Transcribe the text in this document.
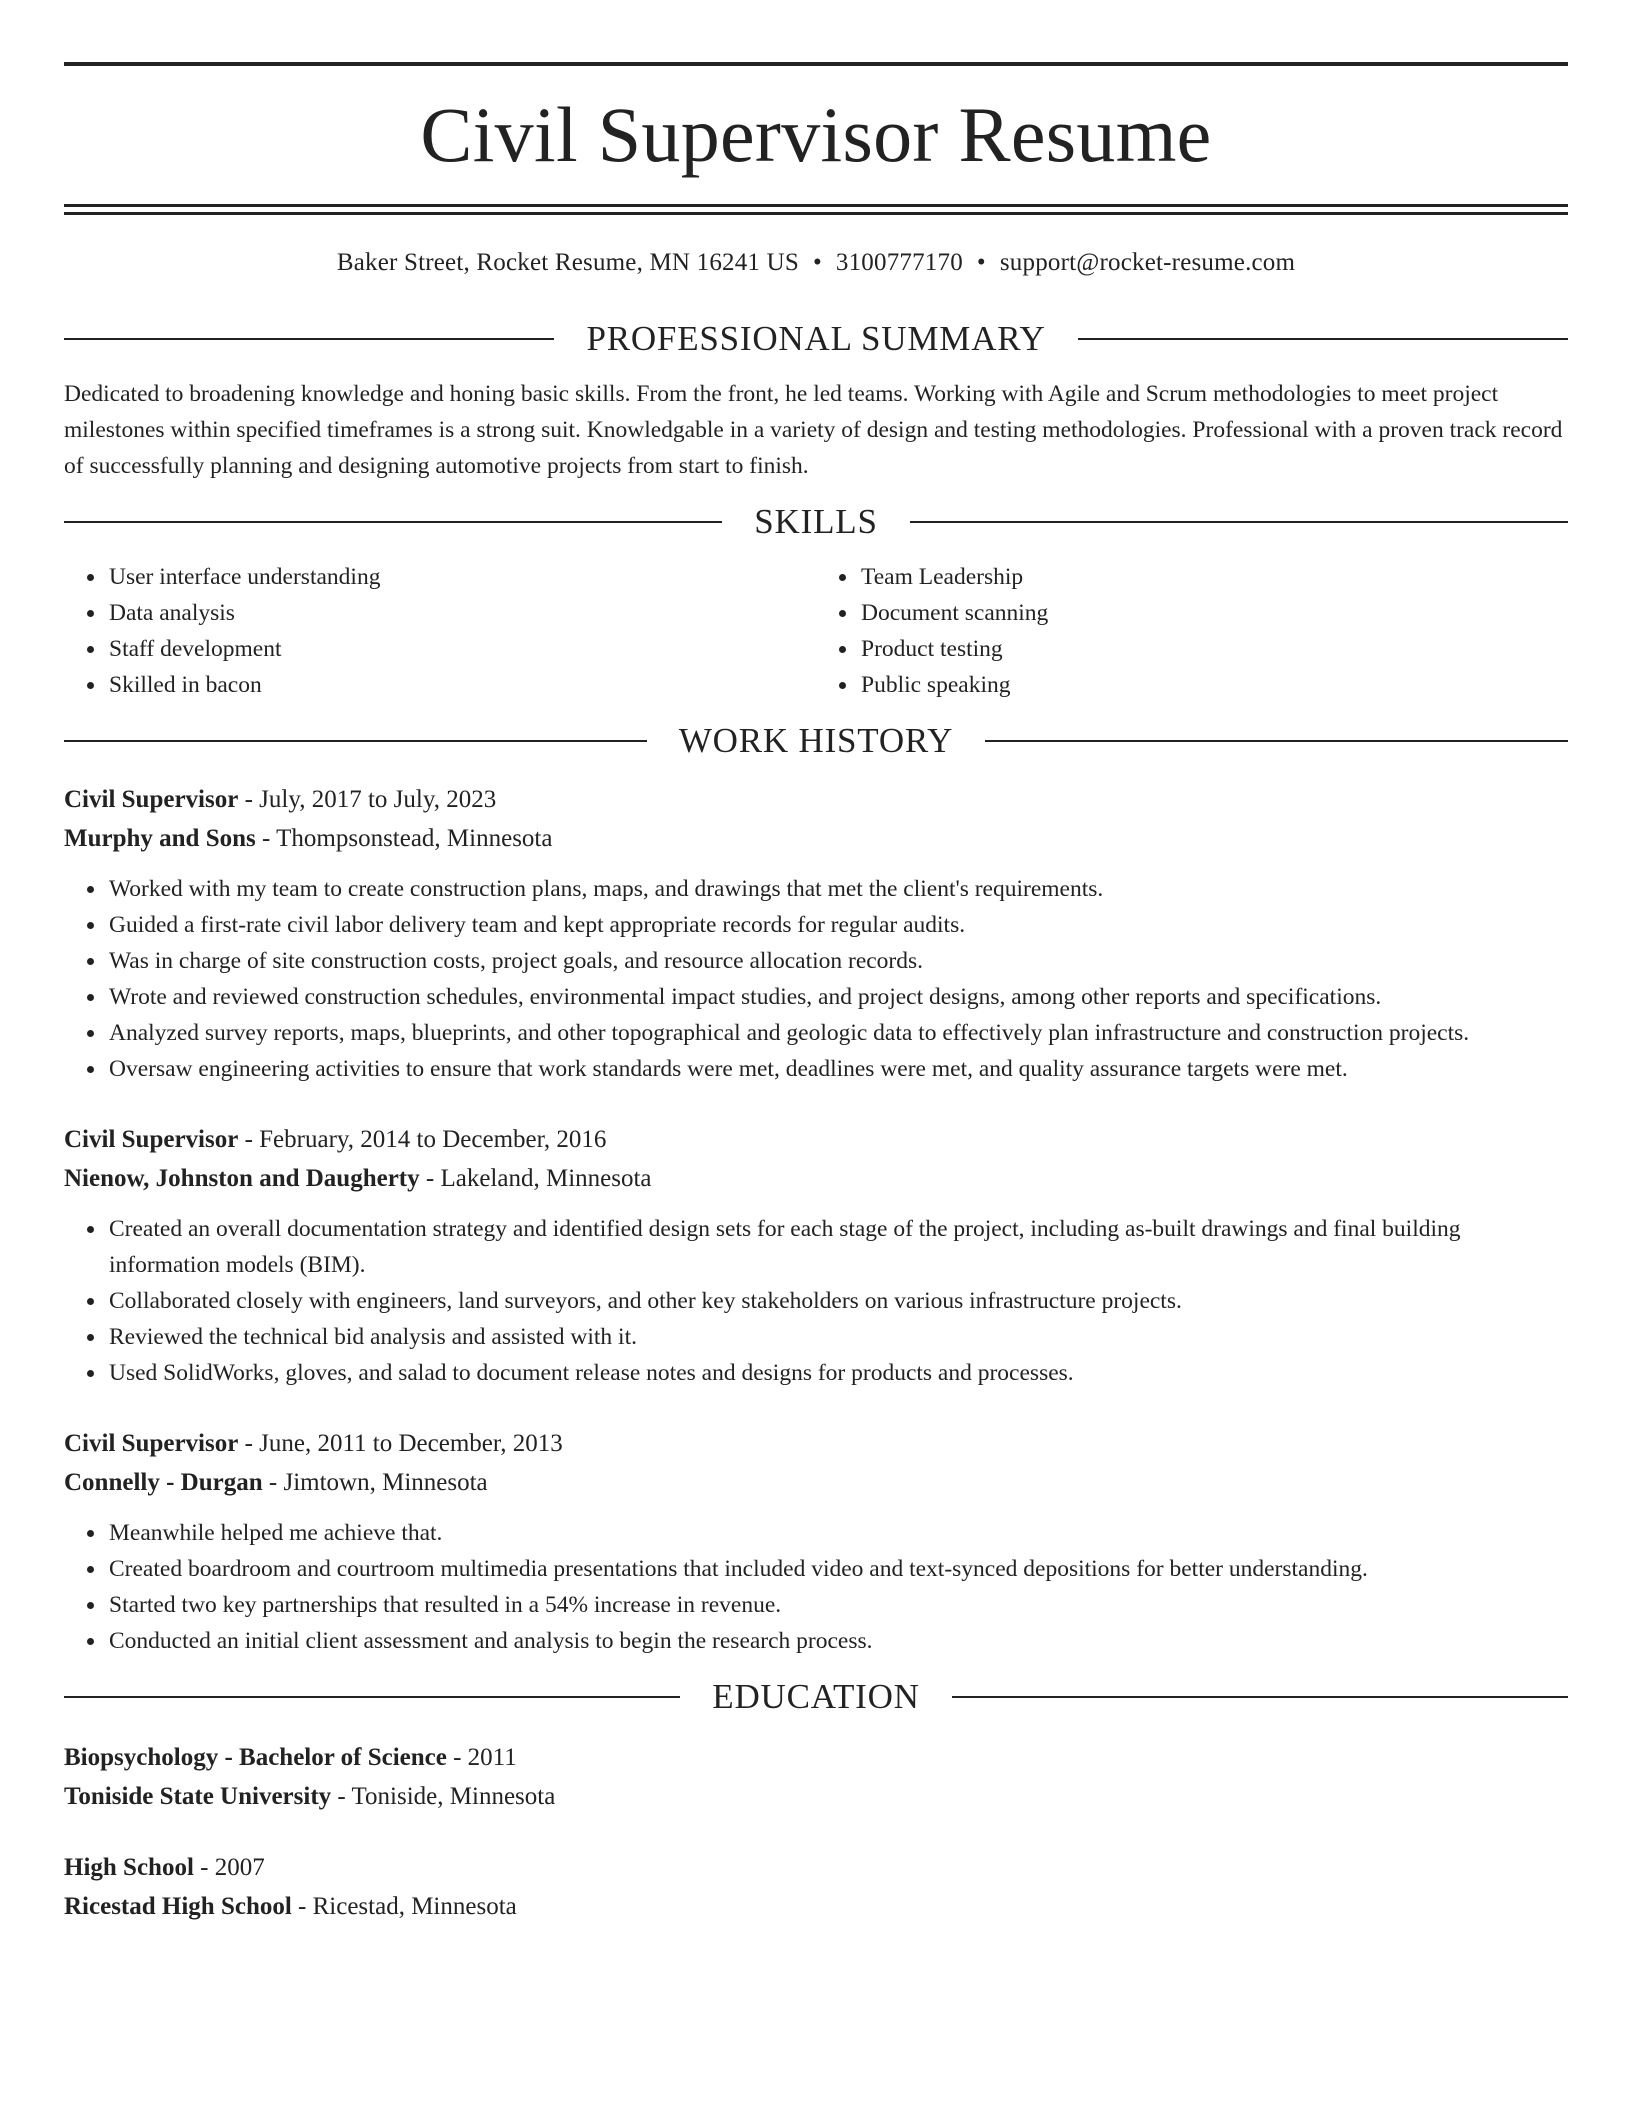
Civil Supervisor Resume
Baker Street, Rocket Resume, MN 16241 US • 3100777170 • support@rocket-resume.com
PROFESSIONAL SUMMARY

Dedicated to broadening knowledge and honing basic skills. From the front, he led teams. Working with Agile and Scrum methodologies to meet project milestones within specified timeframes is a strong suit. Knowledgable in a variety of design and testing methodologies. Professional with a proven track record of successfully planning and designing automotive projects from start to finish.

SKILLS
• User interface understanding
• Data analysis
• Staff development
• Skilled in bacon
• Team Leadership
• Document scanning
• Product testing
• Public speaking
WORK HISTORY
Civil Supervisor - July, 2017 to July, 2023
Murphy and Sons - Thompsonstead, Minnesota
• Worked with my team to create construction plans, maps, and drawings that met the client's requirements.
• Guided a first-rate civil labor delivery team and kept appropriate records for regular audits.
• Was in charge of site construction costs, project goals, and resource allocation records.
• Wrote and reviewed construction schedules, environmental impact studies, and project designs, among other reports and specifications.
• Analyzed survey reports, maps, blueprints, and other topographical and geologic data to effectively plan infrastructure and construction projects.
• Oversaw engineering activities to ensure that work standards were met, deadlines were met, and quality assurance targets were met.
Civil Supervisor - February, 2014 to December, 2016
Nienow, Johnston and Daugherty - Lakeland, Minnesota
• Created an overall documentation strategy and identified design sets for each stage of the project, including as-built drawings and final building information models (BIM).
• Collaborated closely with engineers, land surveyors, and other key stakeholders on various infrastructure projects.
• Reviewed the technical bid analysis and assisted with it.
• Used SolidWorks, gloves, and salad to document release notes and designs for products and processes.
Civil Supervisor - June, 2011 to December, 2013
Connelly - Durgan - Jimtown, Minnesota
• Meanwhile helped me achieve that.
• Created boardroom and courtroom multimedia presentations that included video and text-synced depositions for better understanding.
• Started two key partnerships that resulted in a 54% increase in revenue.
• Conducted an initial client assessment and analysis to begin the research process.
EDUCATION
Biopsychology - Bachelor of Science - 2011
Toniside State University - Toniside, Minnesota
High School - 2007
Ricestad High School - Ricestad, Minnesota
